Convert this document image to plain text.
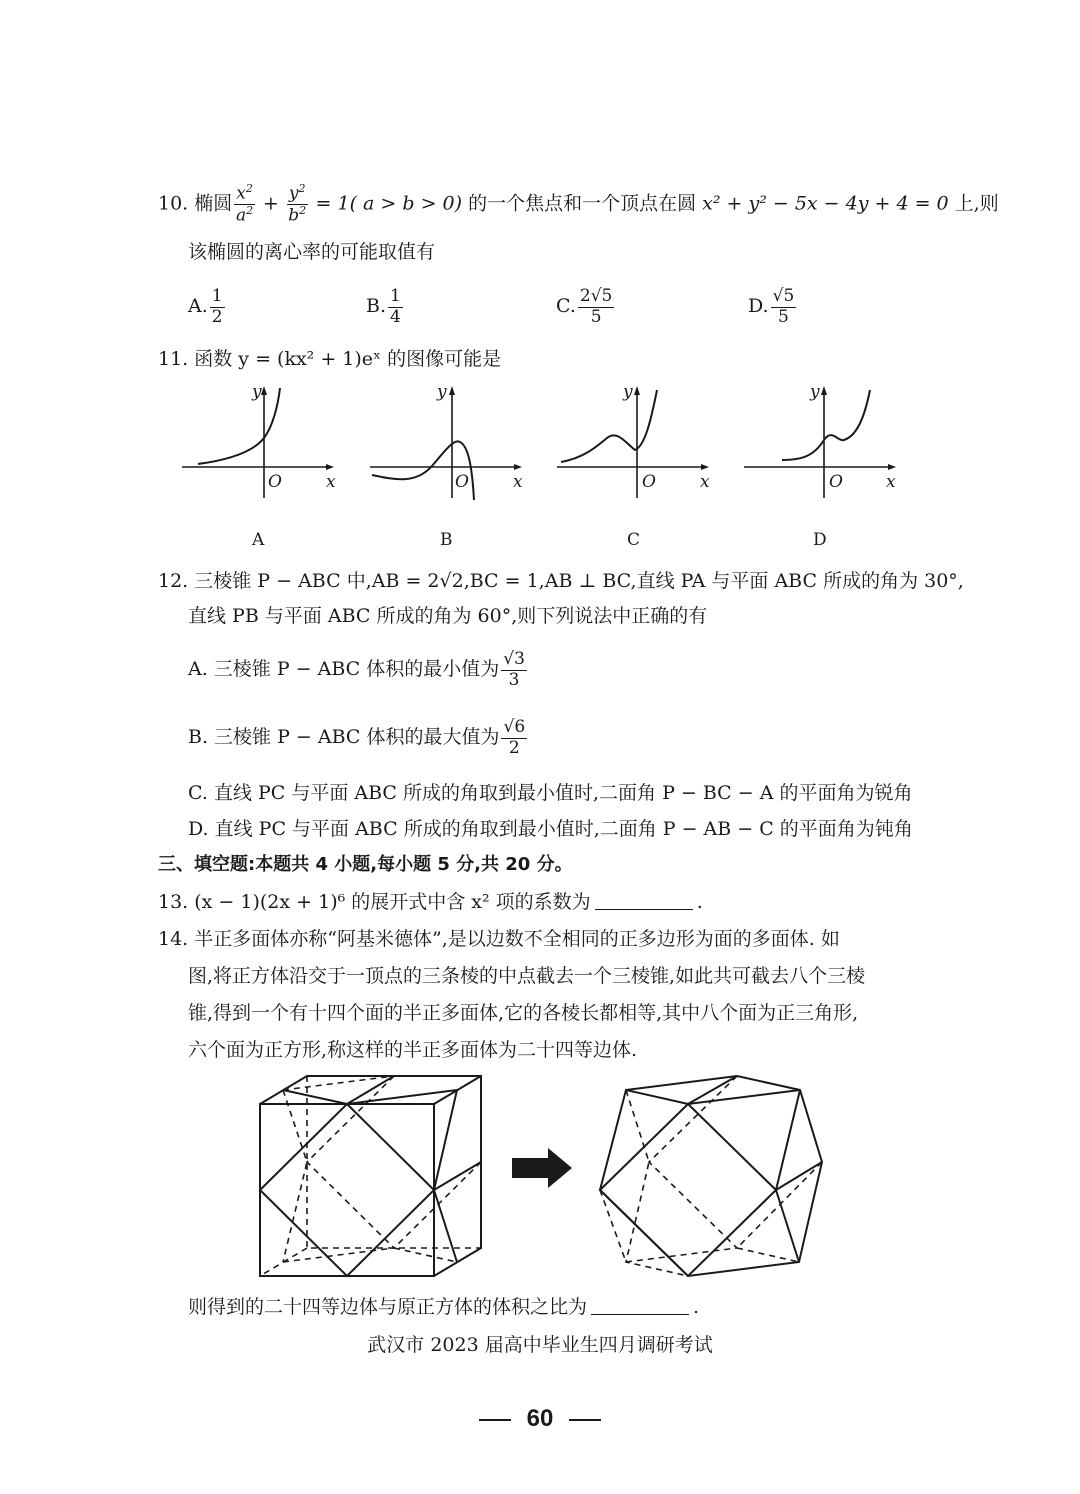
10. 椭圆 $\frac{x^2}{a^2} + \frac{y^2}{b^2} = 1$( a > b > 0) 的一个焦点和一个顶点在圆 x² + y² − 5x − 4y + 4 = 0 上,则
该椭圆的离心率的可能取值有
A. $\frac{1}{2}$	B. $\frac{1}{4}$	C. $\frac{2√5}{5}$	D. $\frac{√5}{5}$
11. 函数 y = (kx² + 1)eˣ 的图像可能是
y
O	x
A
y
O	x
B
y
O	x
C
y
O	x
D
12. 三棱锥 P − ABC 中,AB = 2√2,BC = 1,AB ⊥ BC,直线 PA 与平面 ABC 所成的角为 30°,
直线 PB 与平面 ABC 所成的角为 60°,则下列说法中正确的有
A. 三棱锥 P − ABC 体积的最小值为 $\frac{√3}{3}$
B. 三棱锥 P − ABC 体积的最大值为 $\frac{√6}{2}$
C. 直线 PC 与平面 ABC 所成的角取到最小值时,二面角 P − BC − A 的平面角为锐角
D. 直线 PC 与平面 ABC 所成的角取到最小值时,二面角 P − AB − C 的平面角为钝角
三、填空题:本题共 4 小题,每小题 5 分,共 20 分。
13. (x − 1)(2x + 1)⁶ 的展开式中含 x² 项的系数为	.
14. 半正多面体亦称“阿基米德体”,是以边数不全相同的正多边形为面的多面体. 如
图,将正方体沿交于一顶点的三条棱的中点截去一个三棱锥,如此共可截去八个三棱
锥,得到一个有十四个面的半正多面体,它的各棱长都相等,其中八个面为正三角形,
六个面为正方形,称这样的半正多面体为二十四等边体.
则得到的二十四等边体与原正方体的体积之比为	.
武汉市 2023 届高中毕业生四月调研考试
60
